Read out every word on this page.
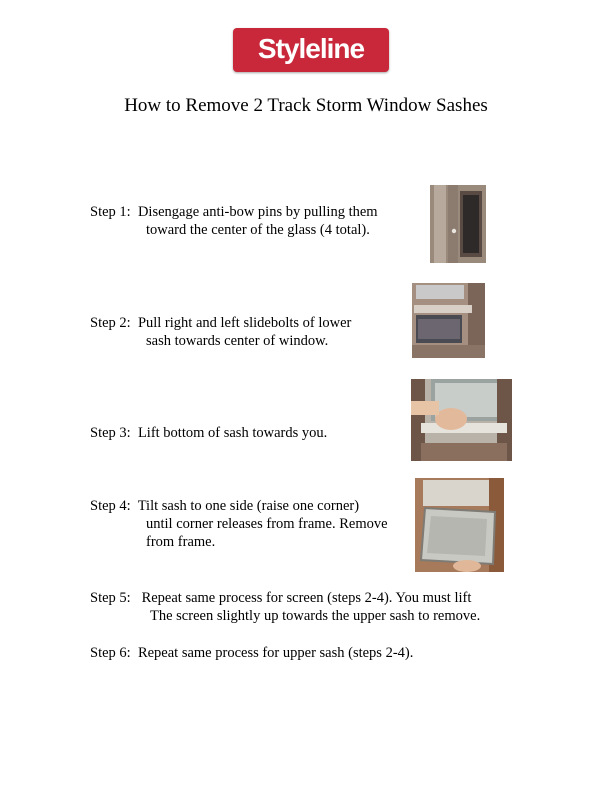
Styleline
How to Remove 2 Track Storm Window Sashes
Step 1: Disengage anti-bow pins by pulling them
toward the center of the glass (4 total).
Step 2: Pull right and left slidebolts of lower
sash towards center of window.
Step 3: Lift bottom of sash towards you.
Step 4: Tilt sash to one side (raise one corner)
until corner releases from frame. Remove
from frame.
Step 5: Repeat same process for screen (steps 2-4). You must lift
The screen slightly up towards the upper sash to remove.
Step 6: Repeat same process for upper sash (steps 2-4).
